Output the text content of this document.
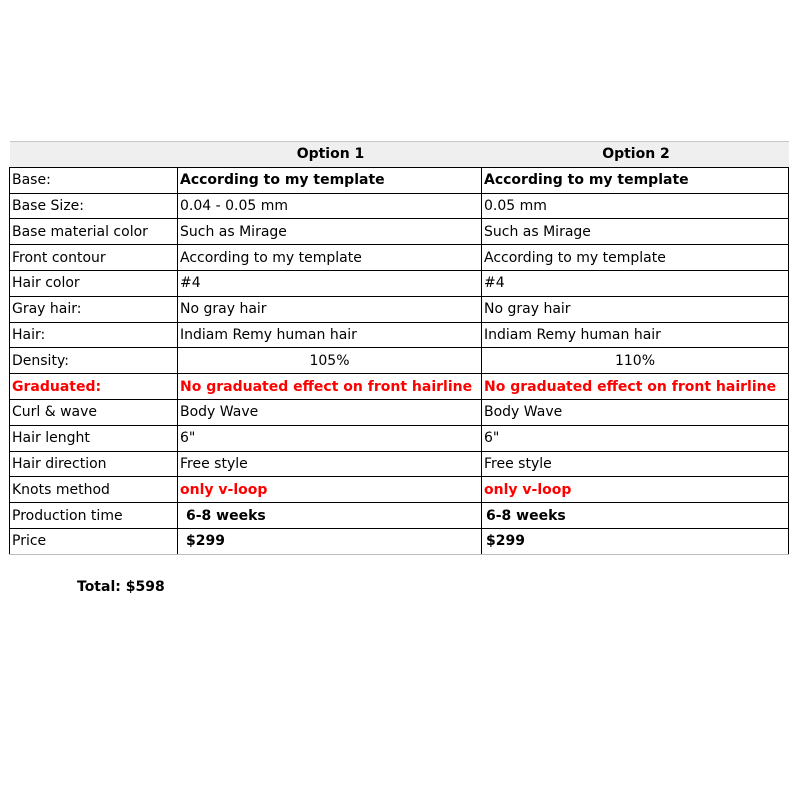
	Option 1	Option 2
Base:	According to my template	According to my template
Base Size:	0.04 - 0.05 mm	0.05 mm
Base material color	Such as Mirage	Such as Mirage
Front contour	According to my template	According to my template
Hair color	#4	#4
Gray hair:	No gray hair	No gray hair
Hair:	Indiam Remy human hair	Indiam Remy human hair
Density:	105%	110%
Graduated:	No graduated effect on front hairline	No graduated effect on front hairline
Curl & wave	Body Wave	Body Wave
Hair lenght	6"	6"
Hair direction	Free style	Free style
Knots method	only v-loop	only v-loop
Production time	6-8 weeks	6-8 weeks
Price	$299	$299
Total: $598
